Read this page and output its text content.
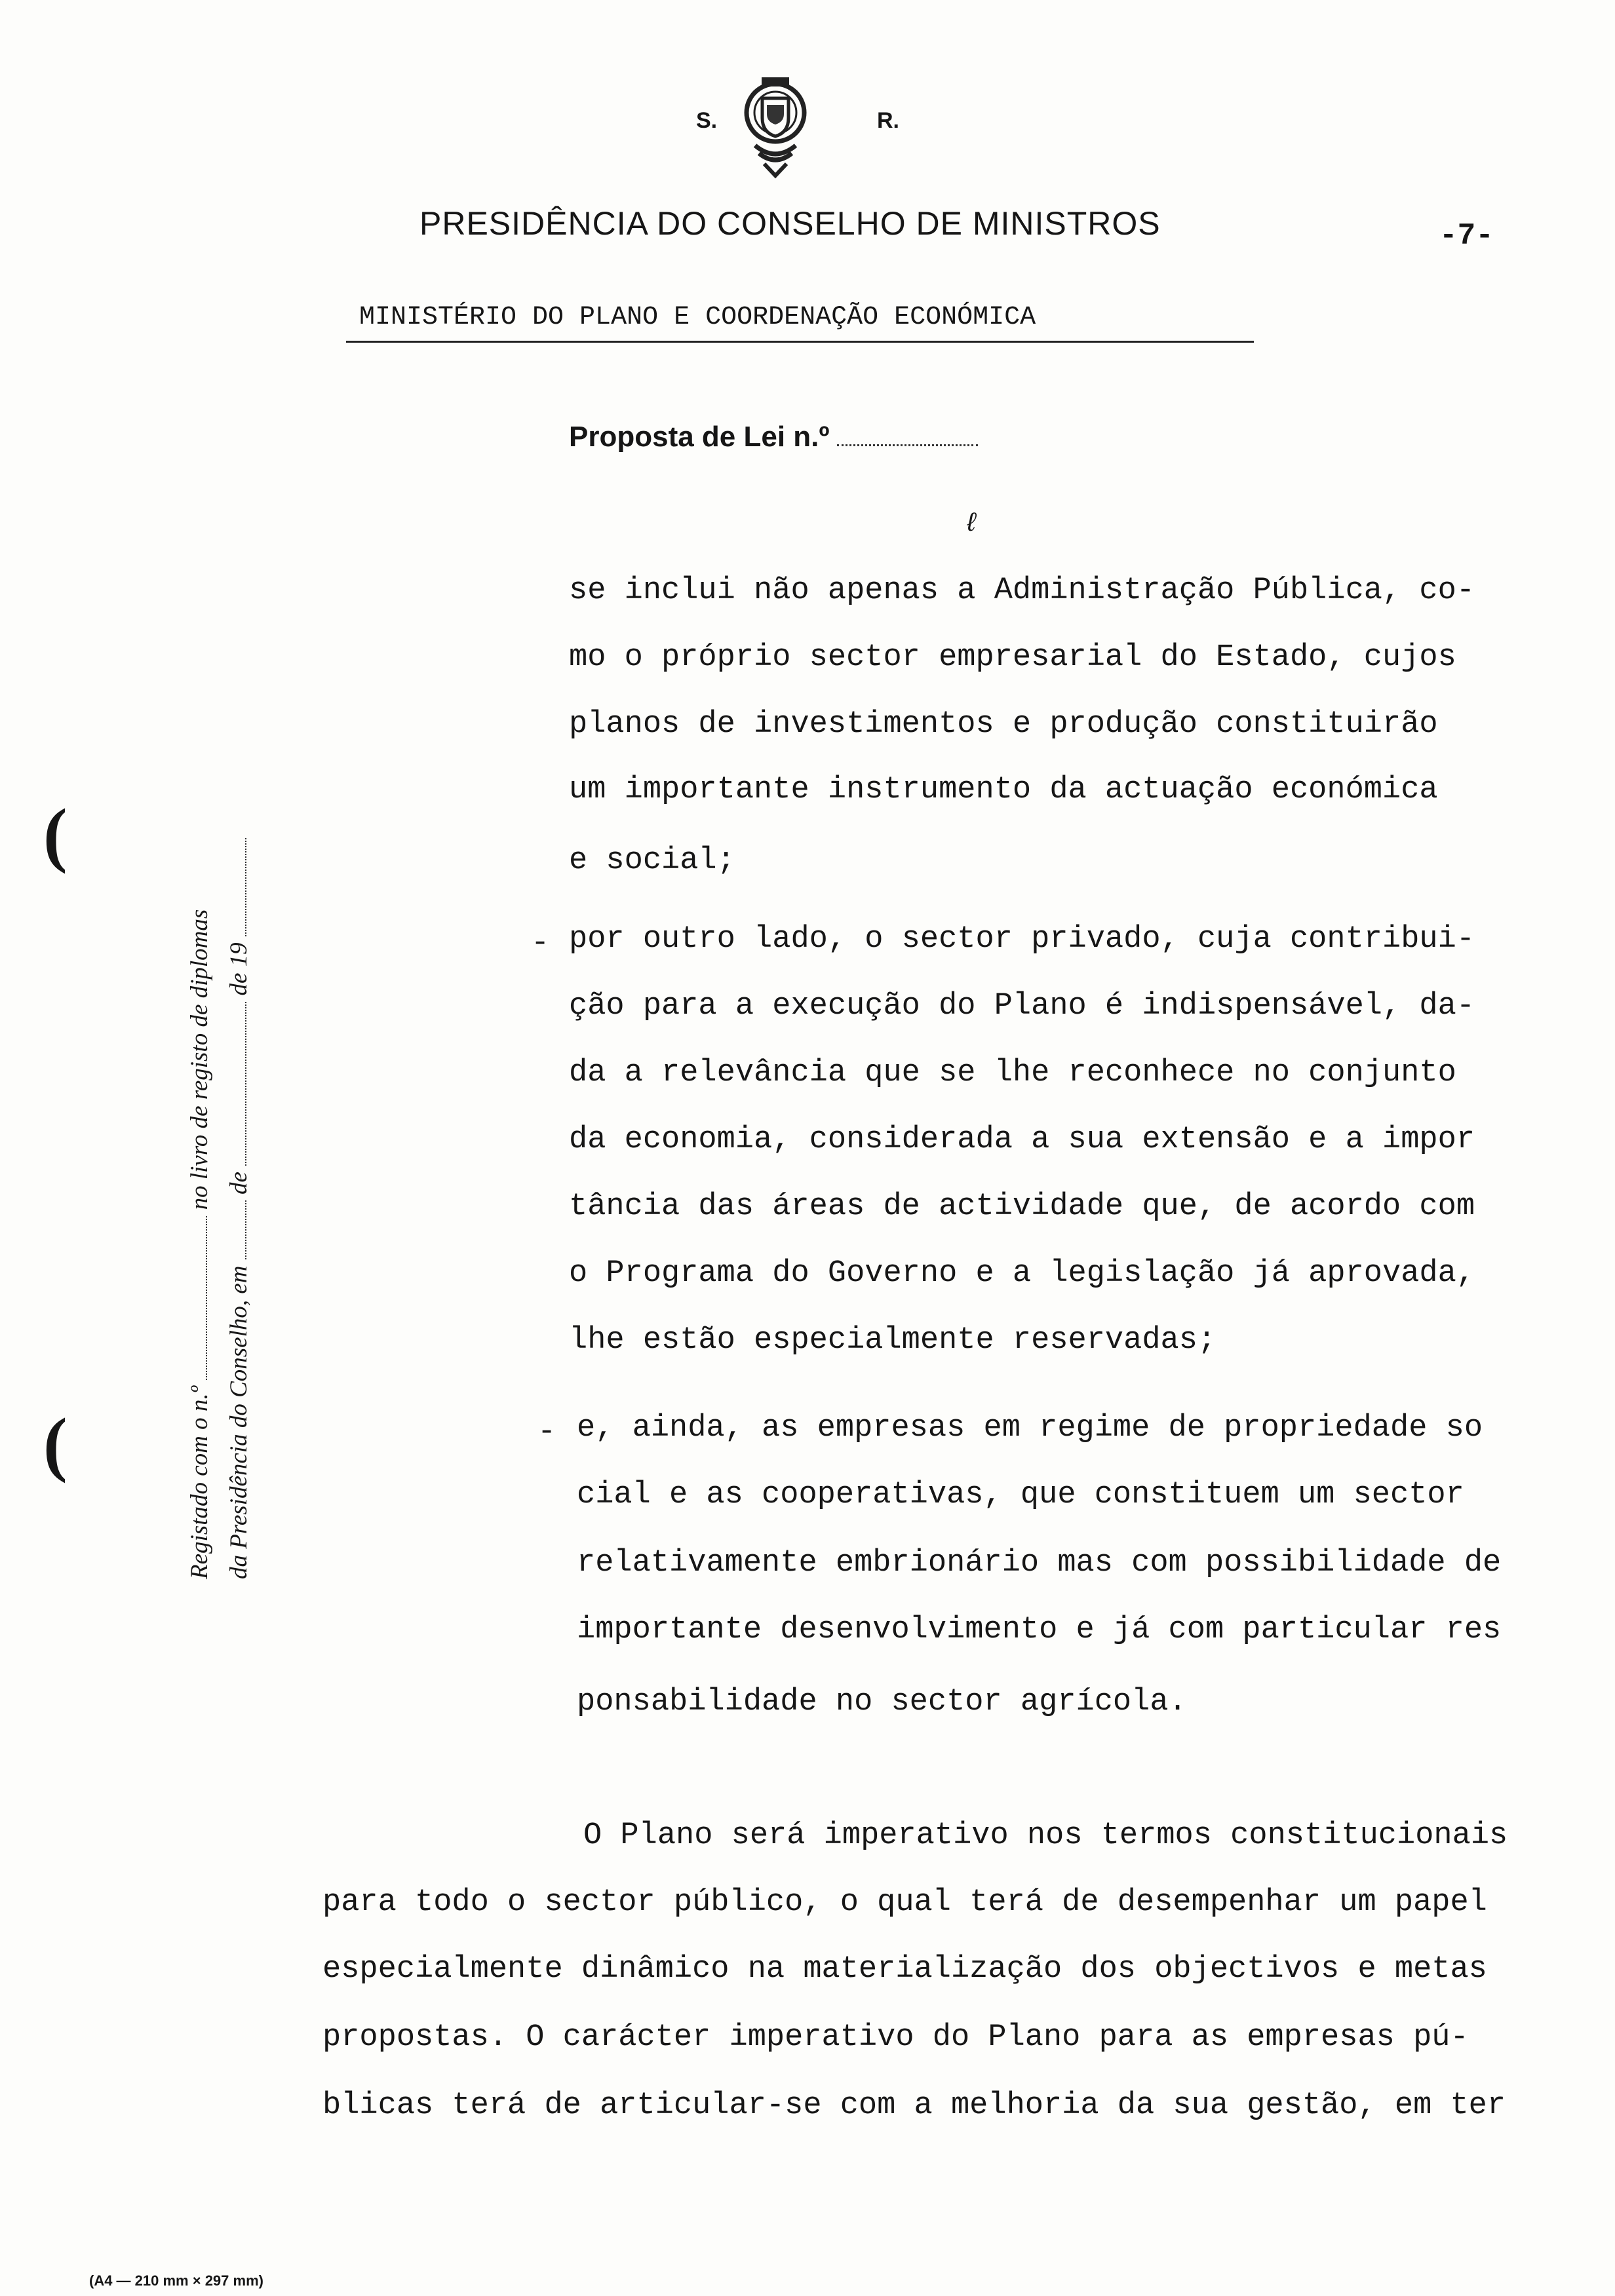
S.	R.
PRESIDÊNCIA DO CONSELHO DE MINISTROS	-7-
MINISTÉRIO DO PLANO E COORDENAÇÃO ECONÓMICA
Proposta de Lei n.º
ℓ
se inclui não apenas a Administração Pública, co-
mo o próprio sector empresarial do Estado, cujos
planos de investimentos e produção constituirão
um importante instrumento da actuação económica
e social;
- por outro lado, o sector privado, cuja contribui-
ção para a execução do Plano é indispensável, da-
da a relevância que se lhe reconhece no conjunto
da economia, considerada a sua extensão e a impor
tância das áreas de actividade que, de acordo com
o Programa do Governo e a legislação já aprovada,
lhe estão especialmente reservadas;
- e, ainda, as empresas em regime de propriedade so
cial e as cooperativas, que constituem um sector
relativamente embrionário mas com possibilidade de
importante desenvolvimento e já com particular res
ponsabilidade no sector agrícola.
O Plano será imperativo nos termos constitucionais
para todo o sector público, o qual terá de desempenhar um papel
especialmente dinâmico na materialização dos objectivos e metas
propostas. O carácter imperativo do Plano para as empresas pú-
blicas terá de articular-se com a melhoria da sua gestão, em ter
(
(	Registado com o n.º  no livro de registo de diplomas
da Presidência do Conselho, em  de  de 19
(A4 — 210 mm × 297 mm)
